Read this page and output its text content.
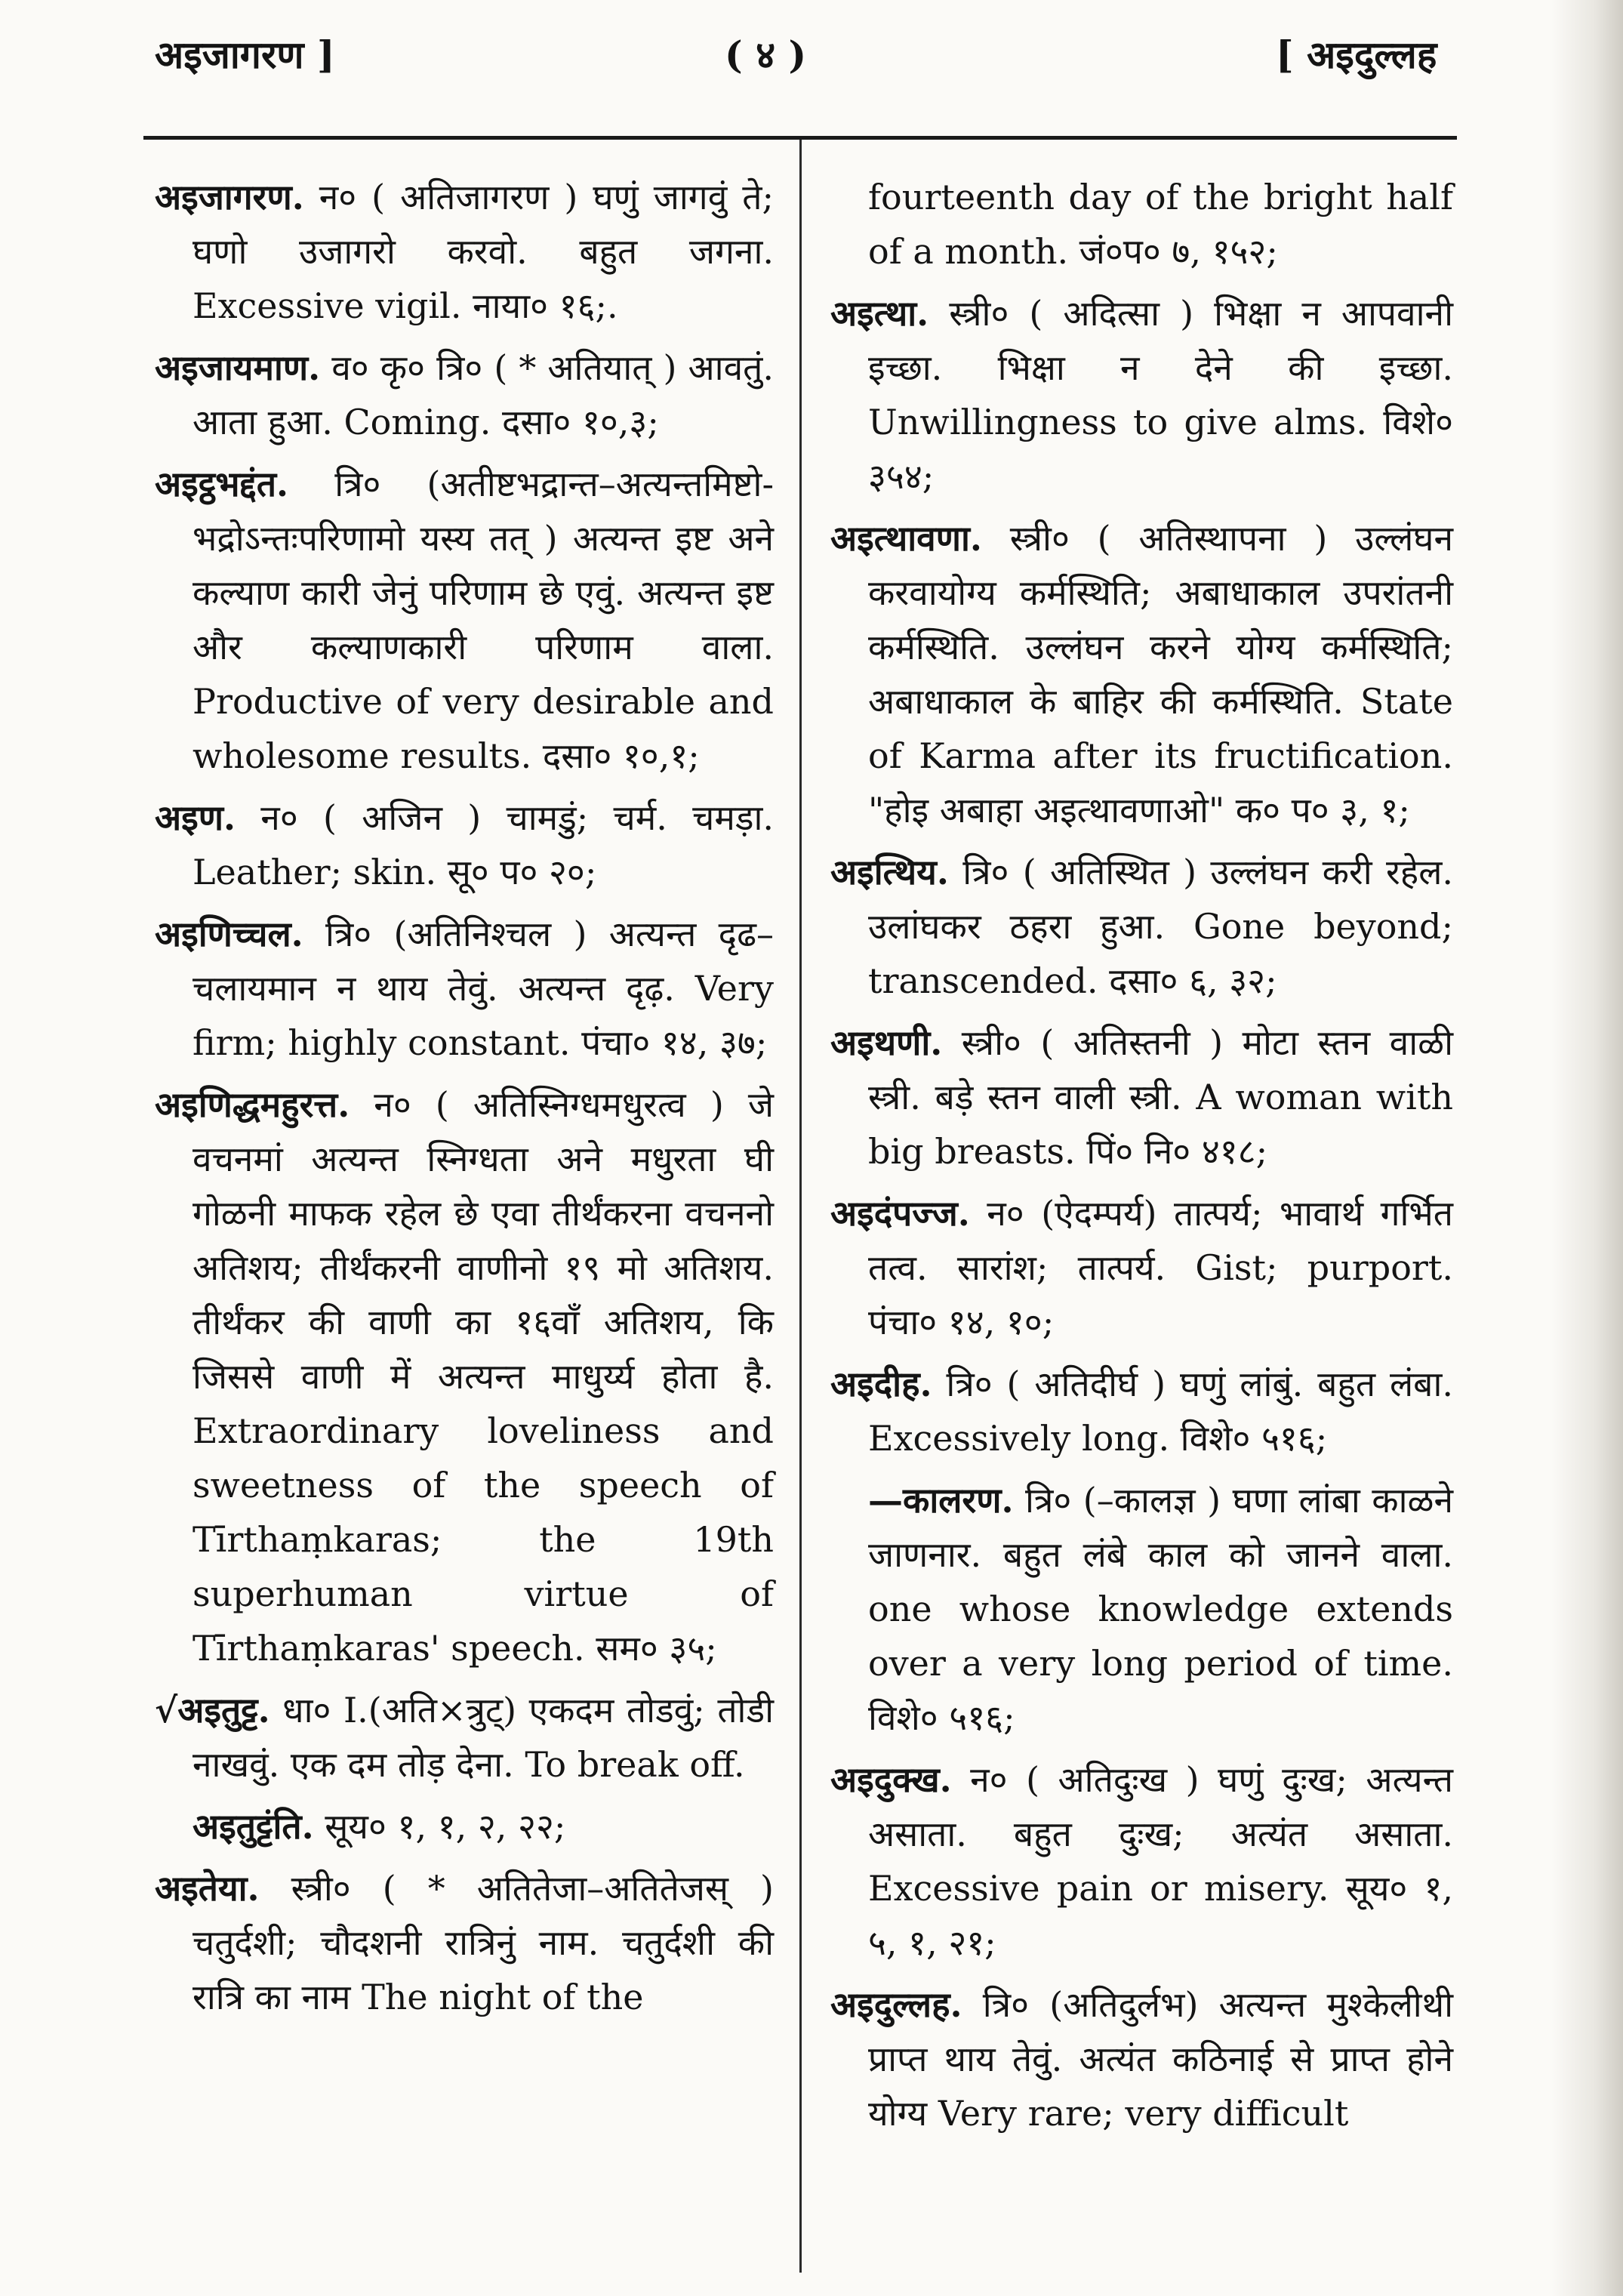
अइजागरण ]	( ४ )	[ अइदुल्लह

अइजागरण. न० ( अतिजागरण ) घणुं जागवुं ते; घणो उजागरो करवो. बहुत जगना. Excessive vigil. नाया० १६;.

अइजायमाण. व० कृ० त्रि० ( * अतियात् ) आवतुं. आता हुआ. Coming. दसा० १०,३;

अइट्ठभद्दंत. त्रि० (अतीष्टभद्रान्त–अत्यन्तमिष्टो-भद्रोऽन्तःपरिणामो यस्य तत् ) अत्यन्त इष्ट अने कल्याण कारी जेनुं परिणाम छे एवुं. अत्यन्त इष्ट और कल्याणकारी परिणाम वाला. Productive of very desirable and wholesome results. दसा० १०,१;

अइण. न० ( अजिन ) चामडुं; चर्म. चमड़ा. Leather; skin. सू० प० २०;

अइणिच्चल. त्रि० (अतिनिश्चल ) अत्यन्त दृढ– चलायमान न थाय तेवुं. अत्यन्त दृढ़. Very firm; highly constant. पंचा० १४, ३७;

अइणिद्धमहुरत्त. न० ( अतिस्निग्धमधुरत्व ) जे वचनमां अत्यन्त स्निग्धता अने मधुरता घी गोळनी माफक रहेल छे एवा तीर्थंकरना वचननो अतिशय; तीर्थंकरनी वाणीनो १९ मो अतिशय. तीर्थंकर की वाणी का १६वाँ अतिशय, कि जिससे वाणी में अत्यन्त माधुर्य्य होता है. Extraordinary loveliness and sweetness of the speech of Tīrthaṃkaras; the 19th superhuman virtue of Tīrthaṃkaras' speech. सम० ३५;

√अइतुट्ट. धा० I.(अति×त्रुट्) एकदम तोडवुं; तोडी नाखवुं. एक दम तोड़ देना. To break off.

अइतुट्टंति. सूय० १, १, २, २२;

अइतेया. स्त्री० ( * अतितेजा–अतितेजस् ) चतुर्दशी; चौदशनी रात्रिनुं नाम. चतुर्दशी की रात्रि का नाम The night of the

fourteenth day of the bright half of a month. जं०प० ७, १५२;

अइत्था. स्त्री० ( अदित्सा ) भिक्षा न आपवानी इच्छा. भिक्षा न देने की इच्छा. Unwillingness to give alms. विशे० ३५४;

अइत्थावणा. स्त्री० ( अतिस्थापना ) उल्लंघन करवायोग्य कर्मस्थिति; अबाधाकाल उपरांतनी कर्मस्थिति. उल्लंघन करने योग्य कर्मस्थिति; अबाधाकाल के बाहिर की कर्मस्थिति. State of Karma after its fructification. "होइ अबाहा अइत्थावणाओ" क० प० ३, १;

अइत्थिय. त्रि० ( अतिस्थित ) उल्लंघन करी रहेल. उलांघकर ठहरा हुआ. Gone beyond; transcended. दसा० ६, ३२;

अइथणी. स्त्री० ( अतिस्तनी ) मोटा स्तन वाळी स्त्री. बड़े स्तन वाली स्त्री. A woman with big breasts. पिं० नि० ४१८;

अइदंपज्ज. न० (ऐदम्पर्य) तात्पर्य; भावार्थ गर्भित तत्व. सारांश; तात्पर्य. Gist; purport. पंचा० १४, १०;

अइदीह. त्रि० ( अतिदीर्घ ) घणुं लांबुं. बहुत लंबा. Excessively long. विशे० ५१६;

—कालरण. त्रि० (–कालज्ञ ) घणा लांबा काळने जाणनार. बहुत लंबे काल को जानने वाला. one whose knowledge extends over a very long period of time. विशे० ५१६;

अइदुक्ख. न० ( अतिदुःख ) घणुं दुःख; अत्यन्त असाता. बहुत दुःख; अत्यंत असाता. Excessive pain or misery. सूय० १, ५, १, २१;

अइदुल्लह. त्रि० (अतिदुर्लभ) अत्यन्त मुश्केलीथी प्राप्त थाय तेवुं. अत्यंत कठिनाई से प्राप्त होने योग्य Very rare; very difficult
